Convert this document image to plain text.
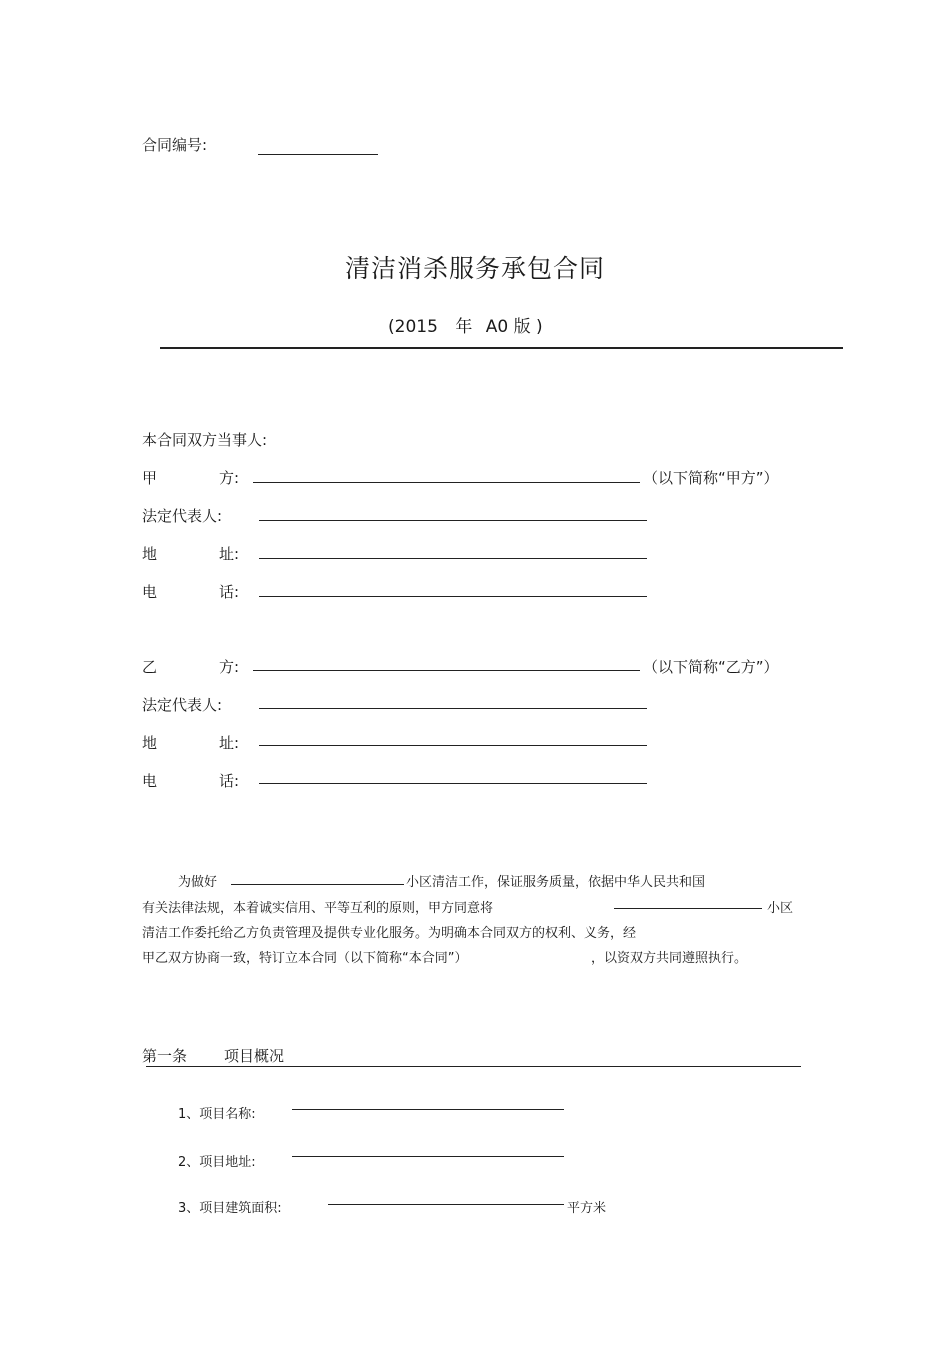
合同编号:
清洁消杀服务承包合同
(2015 年 A0 版 )
本合同双方当事人:
甲	方:	（以下简称“甲方”）
法定代表人:
地	址:
电	话:
乙	方:	（以下简称“乙方”）
法定代表人:
地	址:
电	话:
为做好	小区清洁工作，保证服务质量，依据中华人民共和国
有关法律法规，本着诚实信用、平等互利的原则，甲方同意将	小区
清洁工作委托给乙方负责管理及提供专业化服务。为明确本合同双方的权利、义务，经
甲乙双方协商一致，特订立本合同（以下简称“本合同”）	，以资双方共同遵照执行。
第一条 项目概况
1、项目名称:
2、项目地址:
3、项目建筑面积:	平方米
